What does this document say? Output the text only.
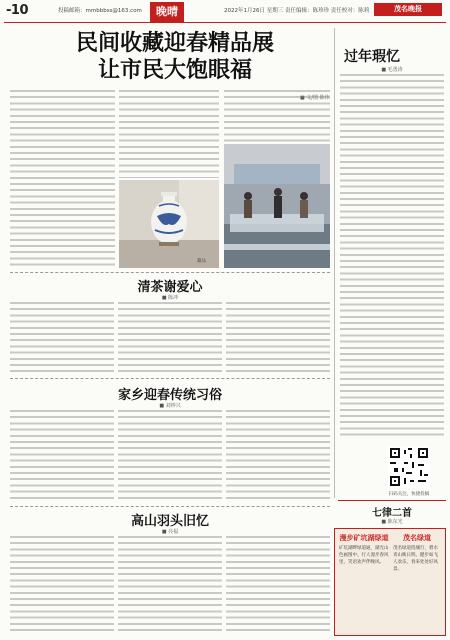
-10	投稿邮箱：mmbbbss@163.com	晚晴	2022年1月26日 星期三 责任编辑：陈珍珍 责任校对：陈莉	茂名晚报
民间收藏迎春精品展
让市民大饱眼福
■ 文/图 陈伟
藏品
清茶谢爱心
■ 陈冲
家乡迎春传统习俗
■ 刘钟兴
高山羽头旧忆
■ 亮福
过年瑕忆
■ 毛勇涛
扫码关注，快捷投稿
七律二首
■ 陈东光
漫步矿坑湖绿道	茂名绿道
矿坑湖畔绿道通，湖光山色画图中。行人漫步春风里，笑语欢声伴晚风。
茂名绿道绕城行，碧水青山映日明。健步如飞人欢乐，春来处处好风景。
